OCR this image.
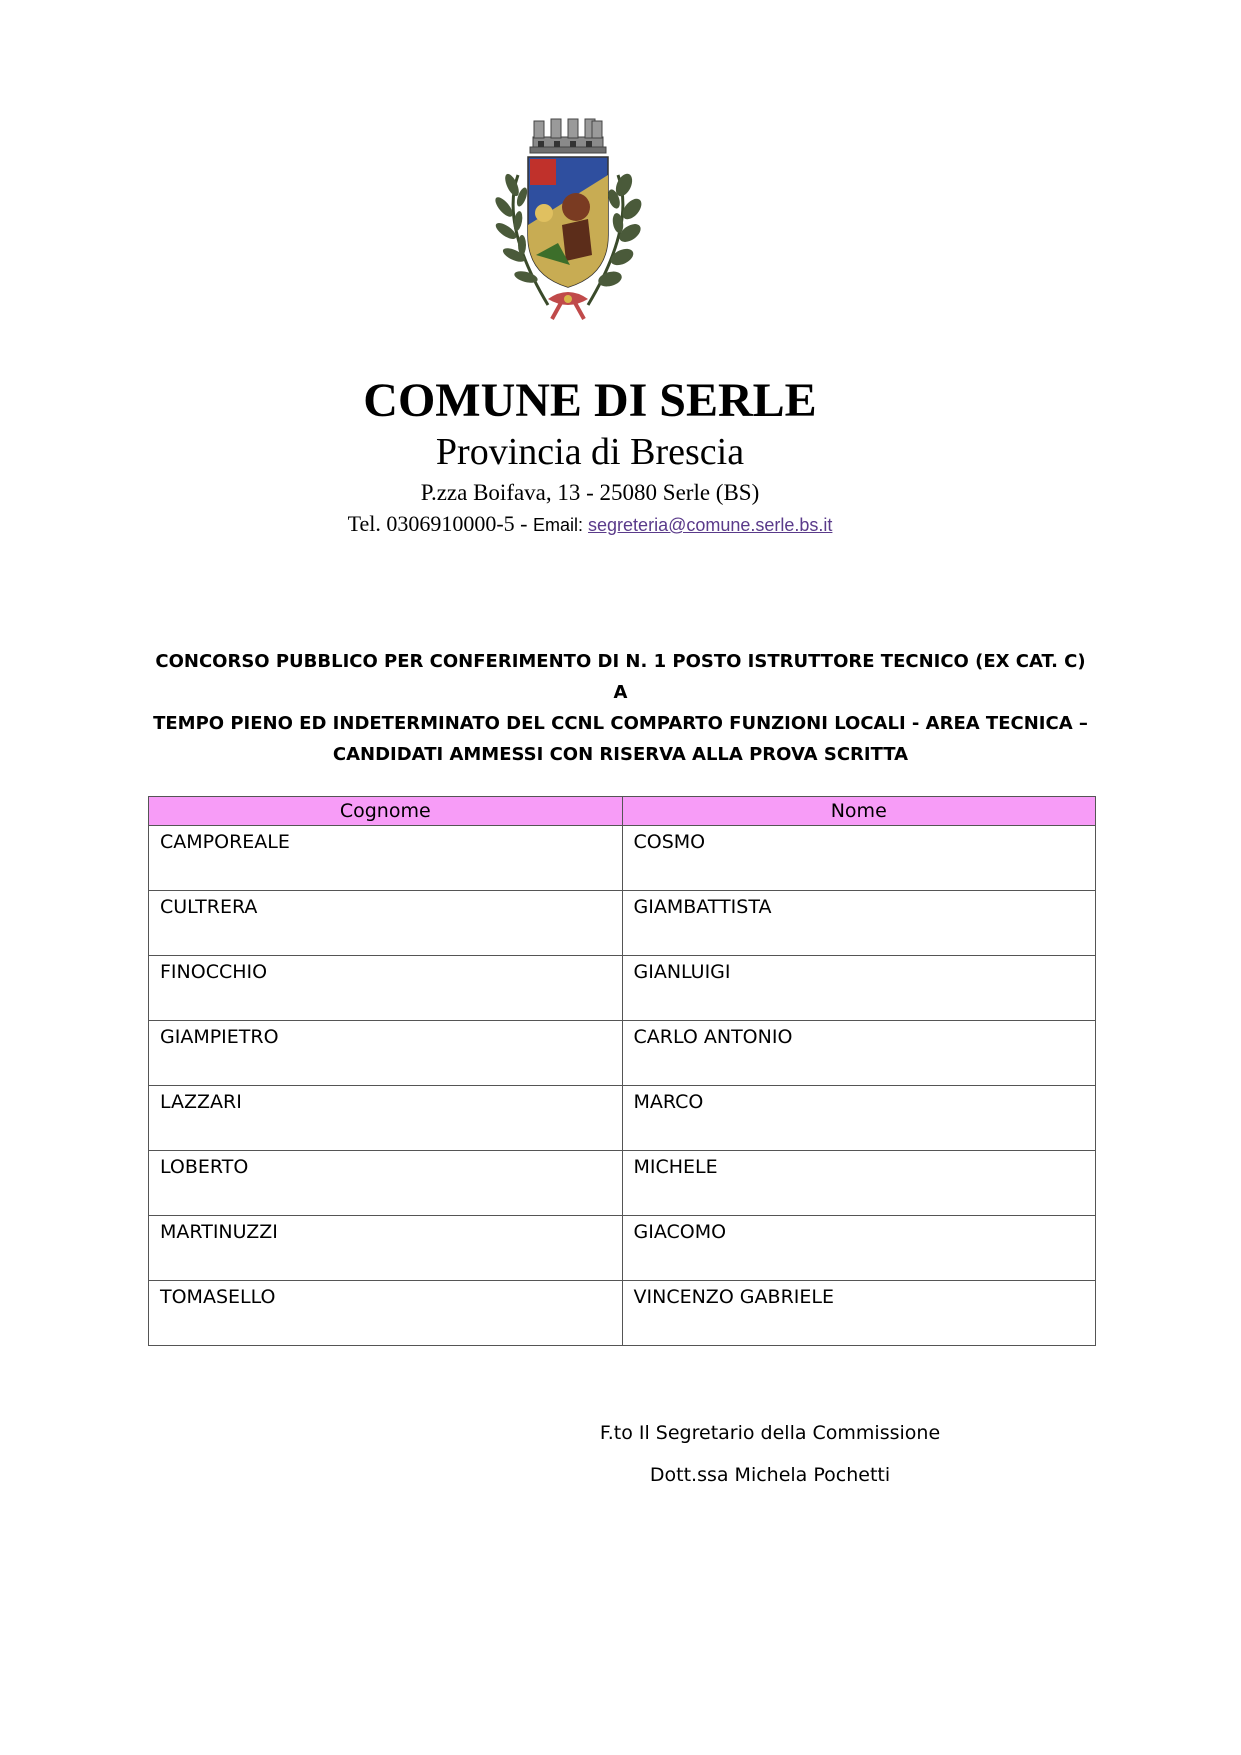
COMUNE DI SERLE
Provincia di Brescia
P.zza Boifava, 13 - 25080 Serle (BS)
Tel. 0306910000-5 - Email: segreteria@comune.serle.bs.it
CONCORSO PUBBLICO PER CONFERIMENTO DI N. 1 POSTO ISTRUTTORE TECNICO (EX CAT. C) A
TEMPO PIENO ED INDETERMINATO DEL CCNL COMPARTO FUNZIONI LOCALI - AREA TECNICA –
CANDIDATI AMMESSI CON RISERVA ALLA PROVA SCRITTA
Cognome	Nome
CAMPOREALE	COSMO
CULTRERA	GIAMBATTISTA
FINOCCHIO	GIANLUIGI
GIAMPIETRO	CARLO ANTONIO
LAZZARI	MARCO
LOBERTO	MICHELE
MARTINUZZI	GIACOMO
TOMASELLO	VINCENZO GABRIELE
F.to Il Segretario della Commissione
Dott.ssa Michela Pochetti
